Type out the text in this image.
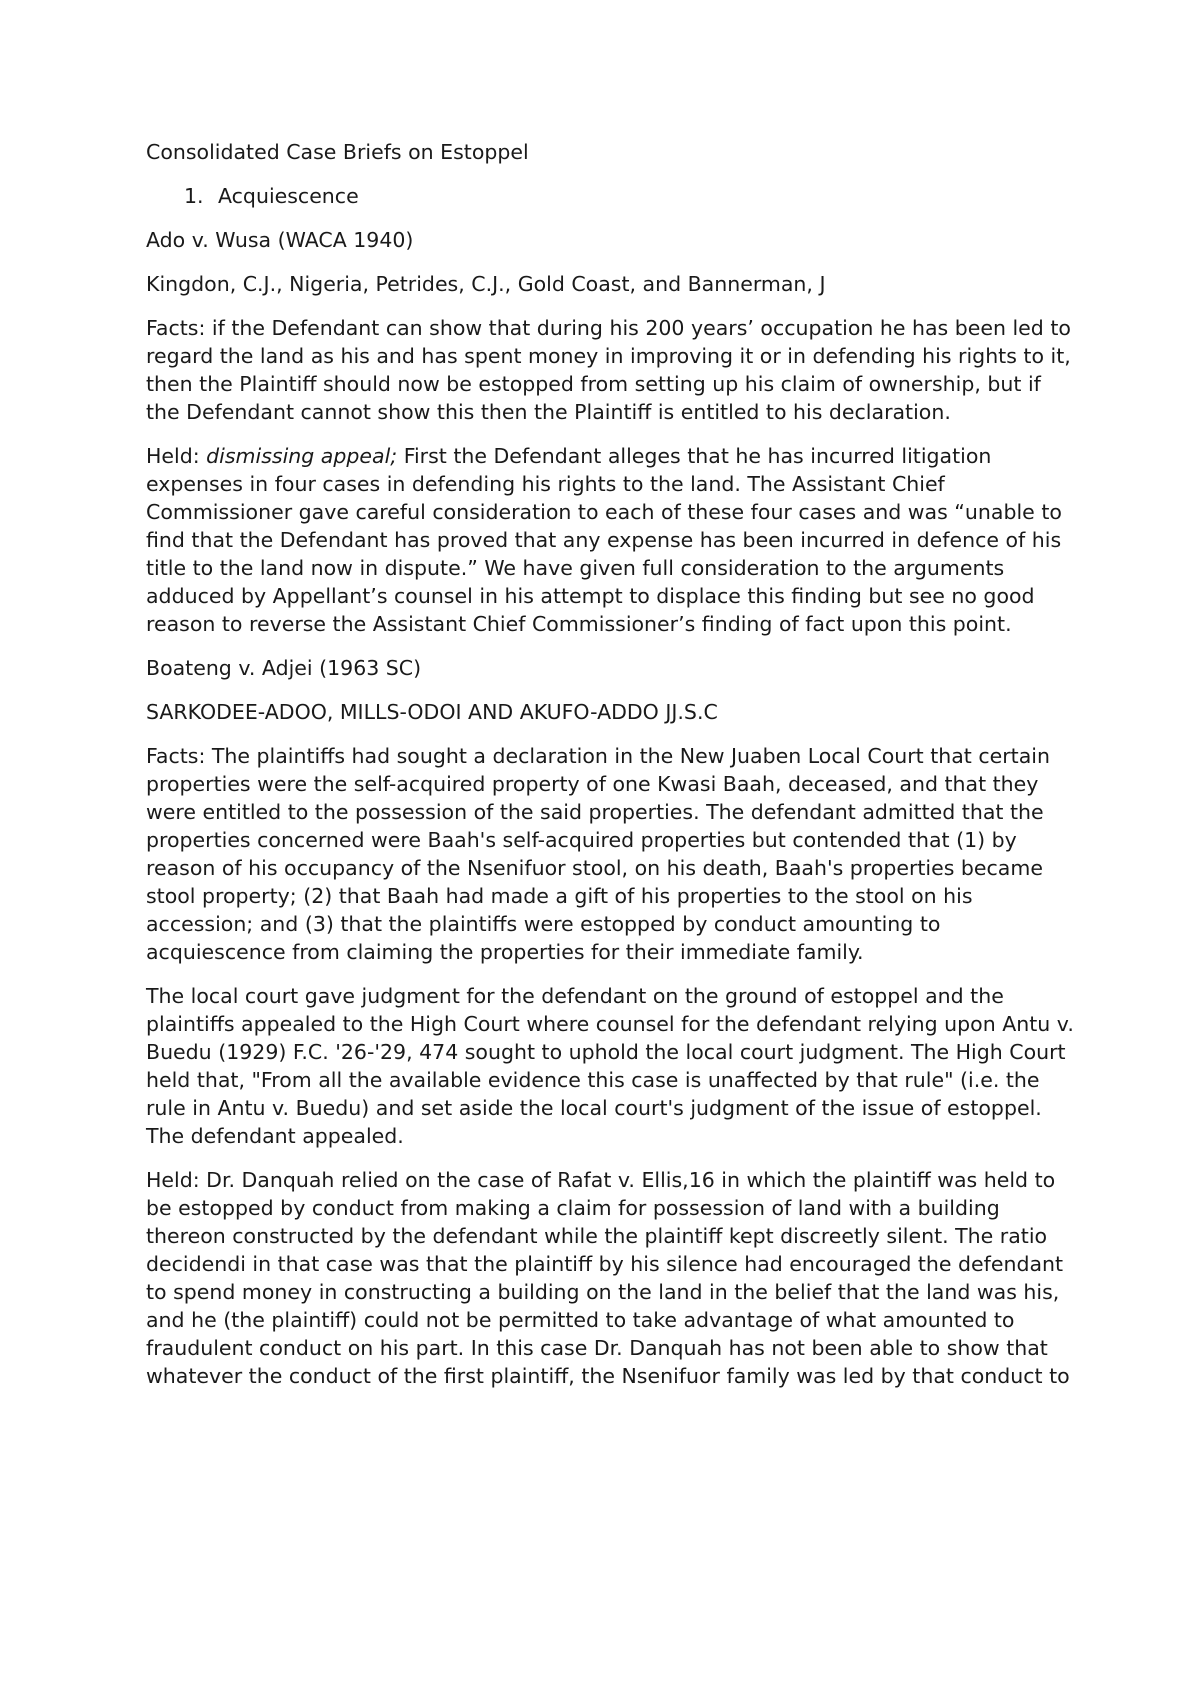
Consolidated Case Briefs on Estoppel

1. Acquiescence

Ado v. Wusa (WACA 1940)

Kingdon, C.J., Nigeria, Petrides, C.J., Gold Coast, and Bannerman, J

Facts: if the Defendant can show that during his 200 years’ occupation he has been led to regard the land as his and has spent money in improving it or in defending his rights to it, then the Plaintiff should now be estopped from setting up his claim of ownership, but if the Defendant cannot show this then the Plaintiff is entitled to his declaration.

Held: dismissing appeal; First the Defendant alleges that he has incurred litigation expenses in four cases in defending his rights to the land. The Assistant Chief Commissioner gave careful consideration to each of these four cases and was “unable to find that the Defendant has proved that any expense has been incurred in defence of his title to the land now in dispute.” We have given full consideration to the arguments adduced by Appellant’s counsel in his attempt to displace this finding but see no good reason to reverse the Assistant Chief Commissioner’s finding of fact upon this point.

Boateng v. Adjei (1963 SC)

SARKODEE-ADOO, MILLS-ODOI AND AKUFO-ADDO JJ.S.C

Facts: The plaintiffs had sought a declaration in the New Juaben Local Court that certain properties were the self-acquired property of one Kwasi Baah, deceased, and that they were entitled to the possession of the said properties. The defendant admitted that the properties concerned were Baah's self-acquired properties but contended that (1) by reason of his occupancy of the Nsenifuor stool, on his death, Baah's properties became stool property; (2) that Baah had made a gift of his properties to the stool on his accession; and (3) that the plaintiffs were estopped by conduct amounting to acquiescence from claiming the properties for their immediate family.

The local court gave judgment for the defendant on the ground of estoppel and the plaintiffs appealed to the High Court where counsel for the defendant relying upon Antu v. Buedu (1929) F.C. '26-'29, 474 sought to uphold the local court judgment. The High Court held that, "From all the available evidence this case is unaffected by that rule" (i.e. the rule in Antu v. Buedu) and set aside the local court's judgment of the issue of estoppel. The defendant appealed.

Held: Dr. Danquah relied on the case of Rafat v. Ellis,16 in which the plaintiff was held to be estopped by conduct from making a claim for possession of land with a building thereon constructed by the defendant while the plaintiff kept discreetly silent. The ratio decidendi in that case was that the plaintiff by his silence had encouraged the defendant to spend money in constructing a building on the land in the belief that the land was his, and he (the plaintiff) could not be permitted to take advantage of what amounted to fraudulent conduct on his part. In this case Dr. Danquah has not been able to show that whatever the conduct of the first plaintiff, the Nsenifuor family was led by that conduct to
